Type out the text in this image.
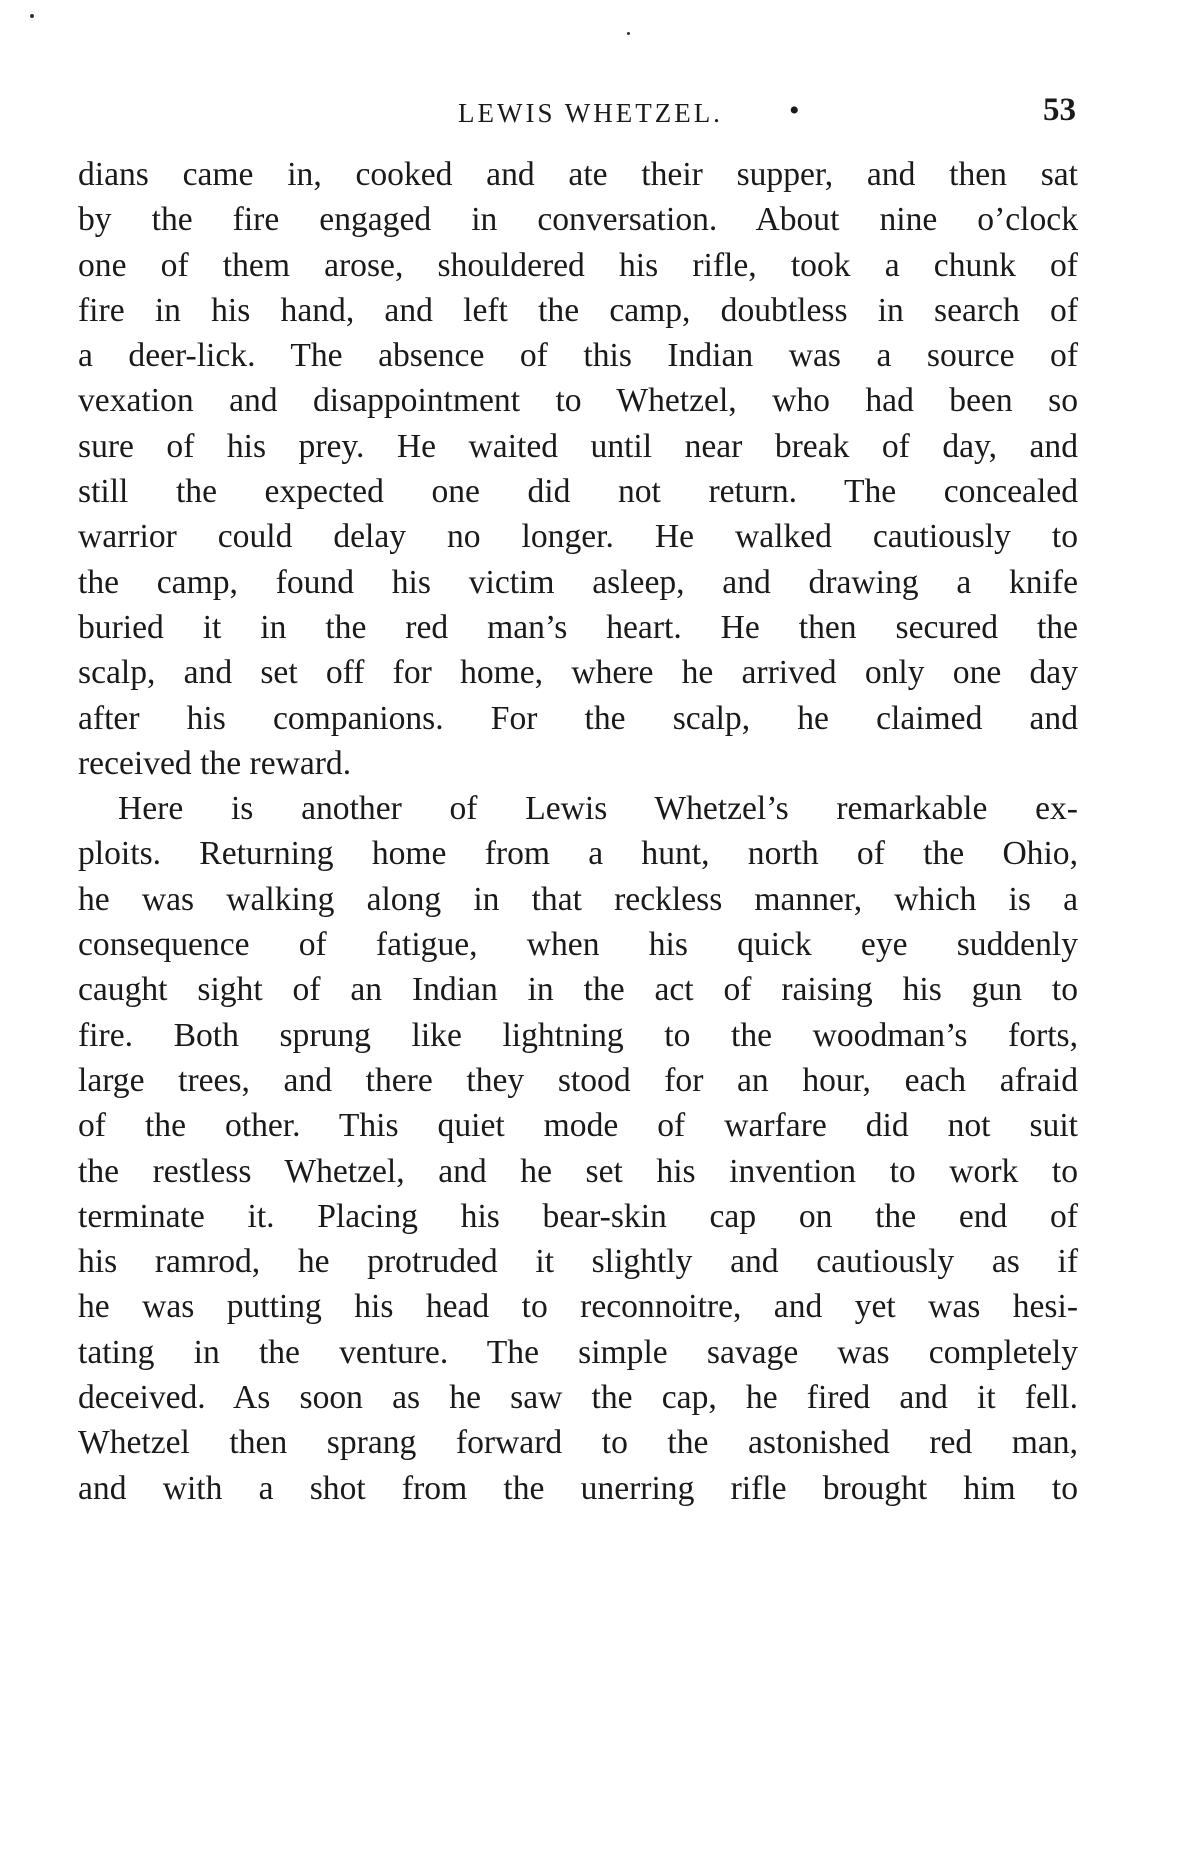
LEWIS WHETZEL. •	53
dians came in, cooked and ate their supper, and then sat
by the fire engaged in conversation. About nine o’clock
one of them arose, shouldered his rifle, took a chunk of
fire in his hand, and left the camp, doubtless in search of
a deer-lick. The absence of this Indian was a source of
vexation and disappointment to Whetzel, who had been so
sure of his prey. He waited until near break of day, and
still the expected one did not return. The concealed
warrior could delay no longer. He walked cautiously to
the camp, found his victim asleep, and drawing a knife
buried it in the red man’s heart. He then secured the
scalp, and set off for home, where he arrived only one day
after his companions. For the scalp, he claimed and
received the reward.
Here is another of Lewis Whetzel’s remarkable ex-
ploits. Returning home from a hunt, north of the Ohio,
he was walking along in that reckless manner, which is a
consequence of fatigue, when his quick eye suddenly
caught sight of an Indian in the act of raising his gun to
fire. Both sprung like lightning to the woodman’s forts,
large trees, and there they stood for an hour, each afraid
of the other. This quiet mode of warfare did not suit
the restless Whetzel, and he set his invention to work to
terminate it. Placing his bear-skin cap on the end of
his ramrod, he protruded it slightly and cautiously as if
he was putting his head to reconnoitre, and yet was hesi-
tating in the venture. The simple savage was completely
deceived. As soon as he saw the cap, he fired and it fell.
Whetzel then sprang forward to the astonished red man,
and with a shot from the unerring rifle brought him to
